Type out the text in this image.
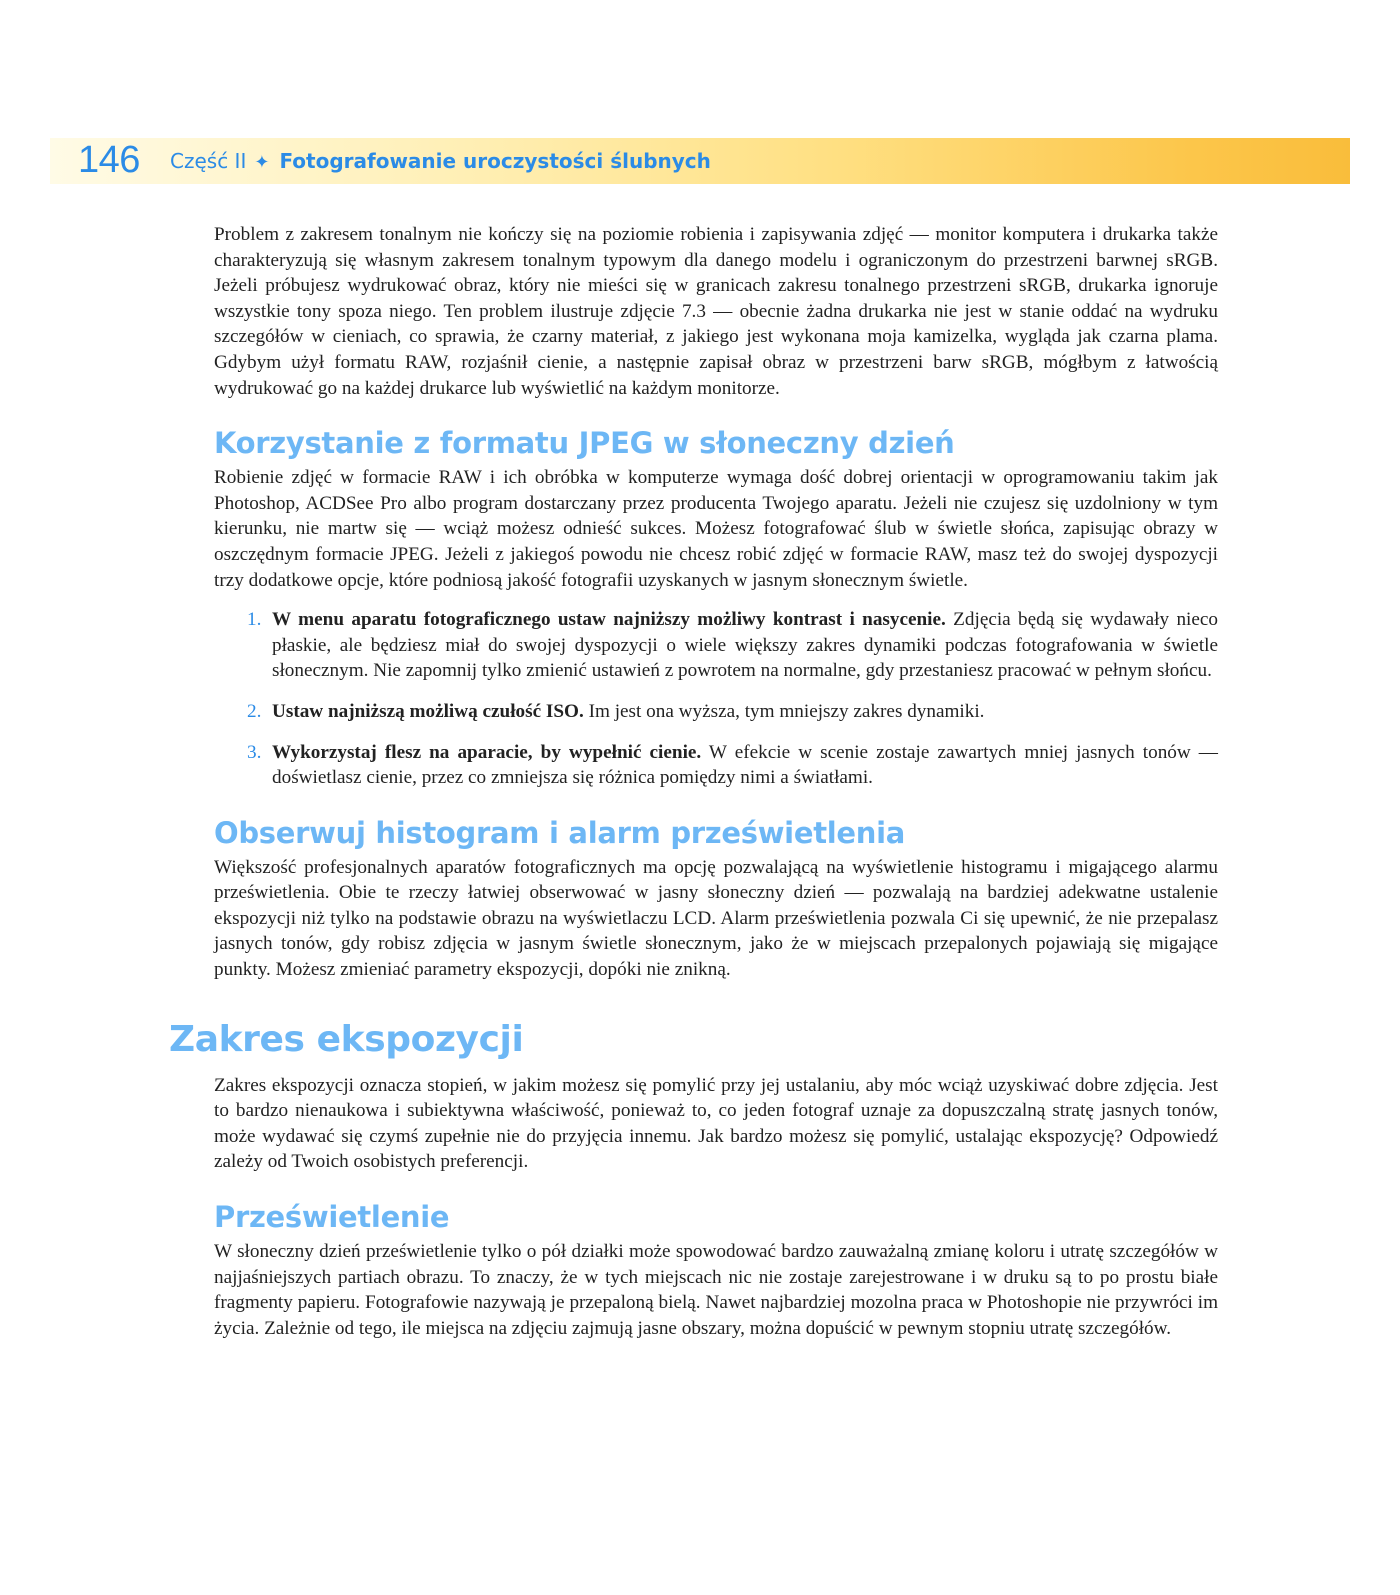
146 Część II ✦ Fotografowanie uroczystości ślubnych

Problem z zakresem tonalnym nie kończy się na poziomie robienia i zapisywania zdjęć — monitor komputera i drukarka także charakteryzują się własnym zakresem tonalnym typowym dla danego modelu i ograniczonym do przestrzeni barwnej sRGB. Jeżeli próbujesz wydrukować obraz, który nie mieści się w granicach zakresu tonalnego przestrzeni sRGB, drukarka ignoruje wszystkie tony spoza niego. Ten problem ilustruje zdjęcie 7.3 — obecnie żadna drukarka nie jest w stanie oddać na wydruku szczegółów w cieniach, co sprawia, że czarny materiał, z jakiego jest wykonana moja kamizelka, wygląda jak czarna plama. Gdybym użył formatu RAW, rozjaśnił cienie, a następnie zapisał obraz w przestrzeni barw sRGB, mógłbym z łatwością wydrukować go na każdej drukarce lub wyświetlić na każdym monitorze.

Korzystanie z formatu JPEG w słoneczny dzień

Robienie zdjęć w formacie RAW i ich obróbka w komputerze wymaga dość dobrej orientacji w oprogramowaniu takim jak Photoshop, ACDSee Pro albo program dostarczany przez producenta Twojego aparatu. Jeżeli nie czujesz się uzdolniony w tym kierunku, nie martw się — wciąż możesz odnieść sukces. Możesz fotografować ślub w świetle słońca, zapisując obrazy w oszczędnym formacie JPEG. Jeżeli z jakiegoś powodu nie chcesz robić zdjęć w formacie RAW, masz też do swojej dyspozycji trzy dodatkowe opcje, które podniosą jakość fotografii uzyskanych w jasnym słonecznym świetle.

1. W menu aparatu fotograficznego ustaw najniższy możliwy kontrast i nasycenie. Zdjęcia będą się wydawały nieco płaskie, ale będziesz miał do swojej dyspozycji o wiele większy zakres dynamiki podczas fotografowania w świetle słonecznym. Nie zapomnij tylko zmienić ustawień z powrotem na normalne, gdy przestaniesz pracować w pełnym słońcu.
2. Ustaw najniższą możliwą czułość ISO. Im jest ona wyższa, tym mniejszy zakres dynamiki.
3. Wykorzystaj flesz na aparacie, by wypełnić cienie. W efekcie w scenie zostaje zawartych mniej jasnych tonów — doświetlasz cienie, przez co zmniejsza się różnica pomiędzy nimi a światłami.
Obserwuj histogram i alarm prześwietlenia

Większość profesjonalnych aparatów fotograficznych ma opcję pozwalającą na wyświetlenie histogramu i migającego alarmu prześwietlenia. Obie te rzeczy łatwiej obserwować w jasny słoneczny dzień — pozwalają na bardziej adekwatne ustalenie ekspozycji niż tylko na podstawie obrazu na wyświetlaczu LCD. Alarm prześwietlenia pozwala Ci się upewnić, że nie przepalasz jasnych tonów, gdy robisz zdjęcia w jasnym świetle słonecznym, jako że w miejscach przepalonych pojawiają się migające punkty. Możesz zmieniać parametry ekspozycji, dopóki nie znikną.

Zakres ekspozycji

Zakres ekspozycji oznacza stopień, w jakim możesz się pomylić przy jej ustalaniu, aby móc wciąż uzyskiwać dobre zdjęcia. Jest to bardzo nienaukowa i subiektywna właściwość, ponieważ to, co jeden fotograf uznaje za dopuszczalną stratę jasnych tonów, może wydawać się czymś zupełnie nie do przyjęcia innemu. Jak bardzo możesz się pomylić, ustalając ekspozycję? Odpowiedź zależy od Twoich osobistych preferencji.

Prześwietlenie

W słoneczny dzień prześwietlenie tylko o pół działki może spowodować bardzo zauważalną zmianę koloru i utratę szczegółów w najjaśniejszych partiach obrazu. To znaczy, że w tych miejscach nic nie zostaje zarejestrowane i w druku są to po prostu białe fragmenty papieru. Fotografowie nazywają je przepaloną bielą. Nawet najbardziej mozolna praca w Photoshopie nie przywróci im życia. Zależnie od tego, ile miejsca na zdjęciu zajmują jasne obszary, można dopuścić w pewnym stopniu utratę szczegółów.
